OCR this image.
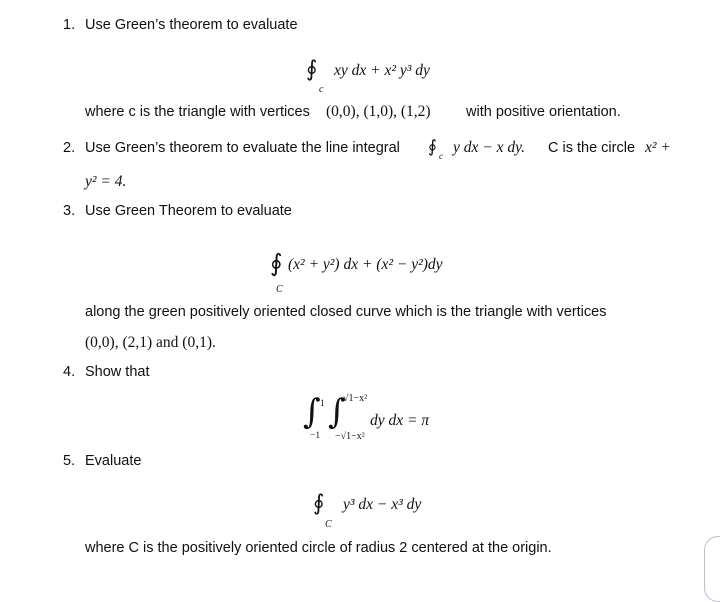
1. Use Green’s theorem to evaluate
∮
c
xy dx + x² y³ dy
where c is the triangle with vertices (0,0), (1,0), (1,2) with positive orientation.
2. Use Green’s theorem to evaluate the line integral ∮ c y dx − x dy. C is the circle x² +
y² = 4.
3. Use Green Theorem to evaluate
∮
C
(x² + y²) dx + (x² − y²)dy
along the green positively oriented closed curve which is the triangle with vertices
(0,0), (2,1) and (0,1).
4. Show that
∫ 1
−1
∫
√1−x²
−√1−x²
dy dx = π
5. Evaluate
∮
C
y³ dx − x³ dy
where C is the positively oriented circle of radius 2 centered at the origin.
